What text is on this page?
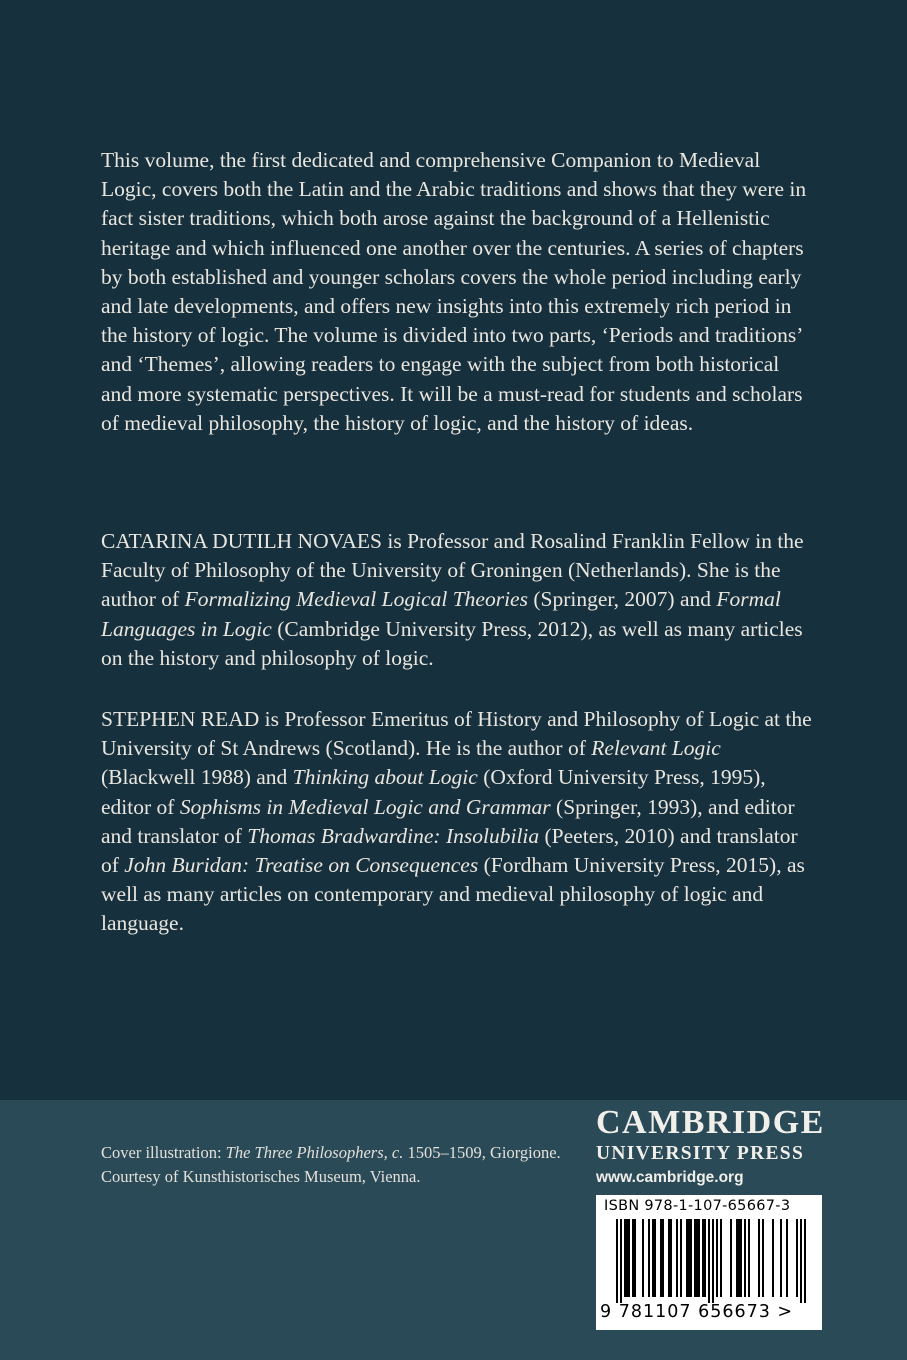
This volume, the first dedicated and comprehensive Companion to Medieval Logic, covers both the Latin and the Arabic traditions and shows that they were in fact sister traditions, which both arose against the background of a Hellenistic heritage and which influenced one another over the centuries. A series of chapters by both established and younger scholars covers the whole period including early and late developments, and offers new insights into this extremely rich period in the history of logic. The volume is divided into two parts, ‘Periods and traditions’ and ‘Themes’, allowing readers to engage with the subject from both historical and more systematic perspectives. It will be a must-read for students and scholars of medieval philosophy, the history of logic, and the history of ideas.

CATARINA DUTILH NOVAES is Professor and Rosalind Franklin Fellow in the Faculty of Philosophy of the University of Groningen (Netherlands). She is the author of Formalizing Medieval Logical Theories (Springer, 2007) and Formal Languages in Logic (Cambridge University Press, 2012), as well as many articles on the history and philosophy of logic.

STEPHEN READ is Professor Emeritus of History and Philosophy of Logic at the University of St Andrews (Scotland). He is the author of Relevant Logic (Blackwell 1988) and Thinking about Logic (Oxford University Press, 1995), editor of Sophisms in Medieval Logic and Grammar (Springer, 1993), and editor and translator of Thomas Bradwardine: Insolubilia (Peeters, 2010) and translator of John Buridan: Treatise on Consequences (Fordham University Press, 2015), as well as many articles on contemporary and medieval philosophy of logic and language.

Cover illustration: The Three Philosophers, c. 1505–1509, Giorgione. Courtesy of Kunsthistorisches Museum, Vienna.
CAMBRIDGE
UNIVERSITY PRESS
www.cambridge.org
ISBN 978-1-107-65667-3
9 781107 656673 >
